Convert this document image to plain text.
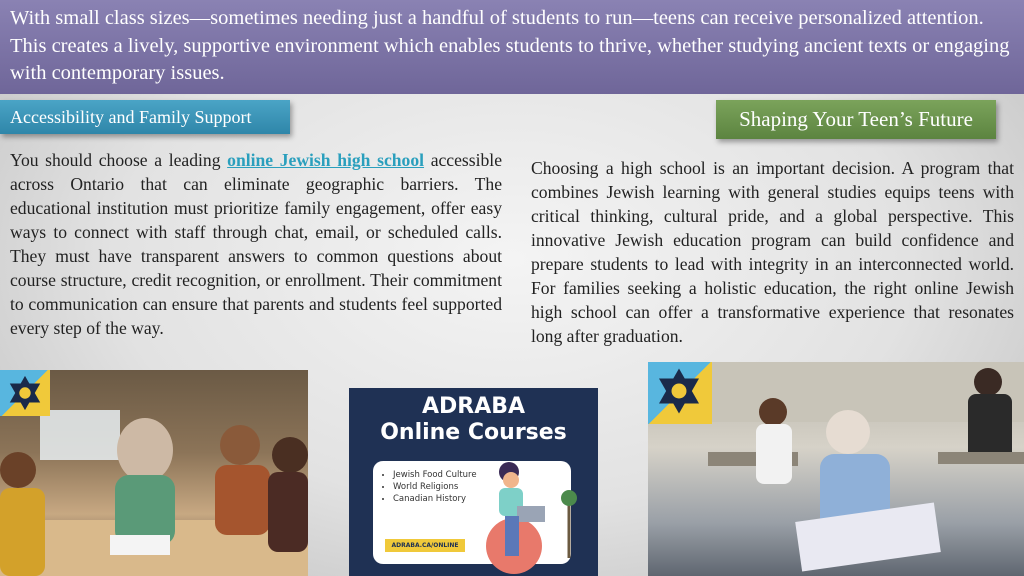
With small class sizes—sometimes needing just a handful of students to run—teens can receive personalized attention. This creates a lively, supportive environment which enables students to thrive, whether studying ancient texts or engaging with contemporary issues.

Accessibility and Family Support	Shaping Your Teen’s Future

You should choose a leading online Jewish high school accessible across Ontario that can eliminate geographic barriers. The educational institution must prioritize family engagement, offer easy ways to connect with staff through chat, email, or scheduled calls. They must have transparent answers to common questions about course structure, credit recognition, or enrollment. Their commitment to communication can ensure that parents and students feel supported every step of the way.

Choosing a high school is an important decision. A program that combines Jewish learning with general studies equips teens with critical thinking, cultural pride, and a global perspective. This innovative Jewish education program can build confidence and prepare students to lead with integrity in an interconnected world. For families seeking a holistic education, the right online Jewish high school can offer a transformative experience that resonates long after graduation.

ADRABA
Online Courses
• Jewish Food Culture
• World Religions
• Canadian History
ADRABA.CA/ONLINE
